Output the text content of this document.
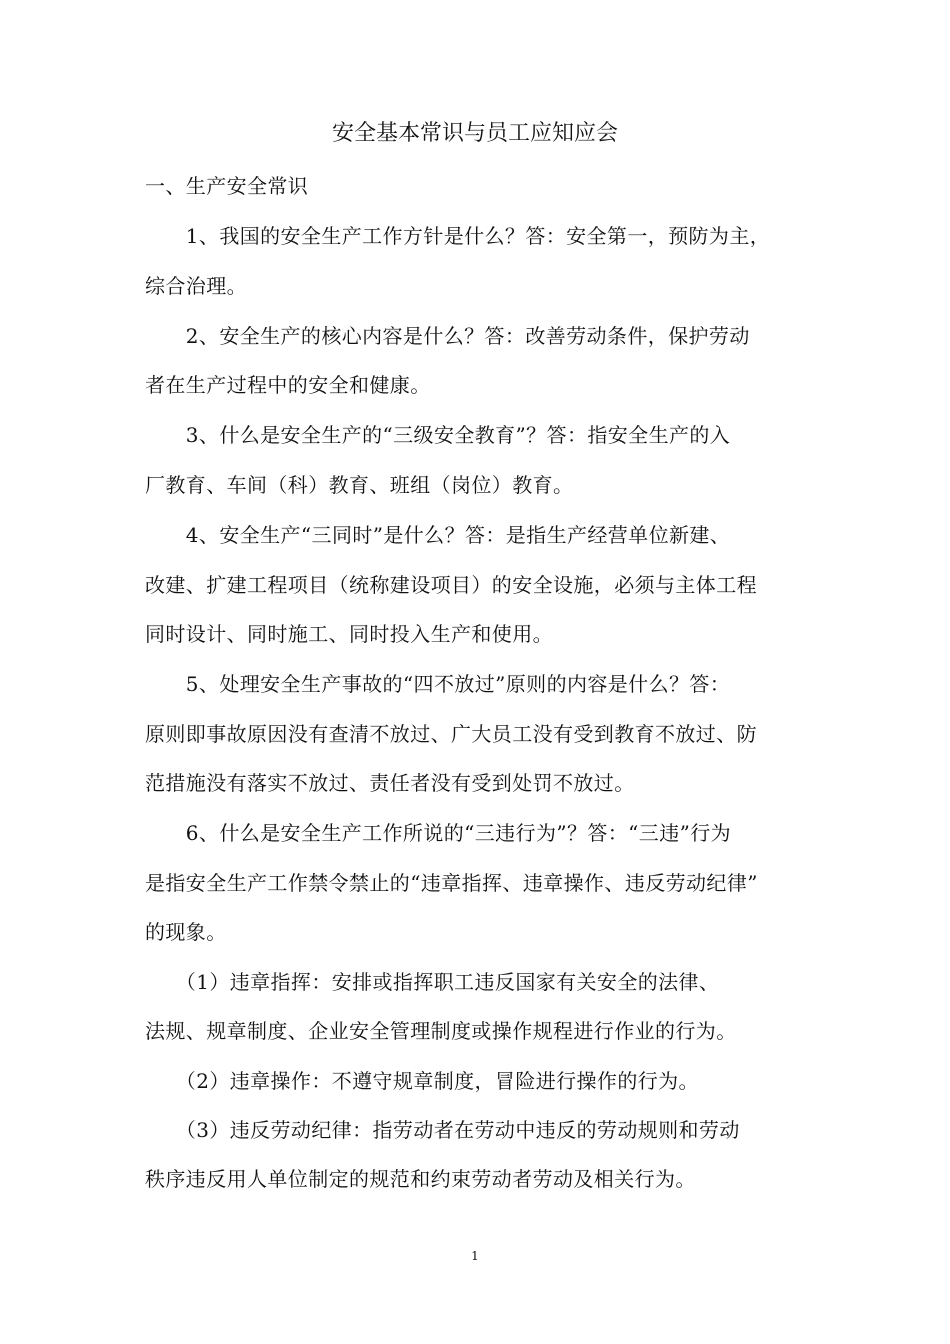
安全基本常识与员工应知应会
一、生产安全常识
　　1、我国的安全生产工作方针是什么？答：安全第一，预防为主，
综合治理。
　　2、安全生产的核心内容是什么？答：改善劳动条件，保护劳动
者在生产过程中的安全和健康。
　　3、什么是安全生产的“三级安全教育”？答：指安全生产的入
厂教育、车间（科）教育、班组（岗位）教育。
　　4、安全生产“三同时”是什么？答：是指生产经营单位新建、
改建、扩建工程项目（统称建设项目）的安全设施，必须与主体工程
同时设计、同时施工、同时投入生产和使用。
　　5、处理安全生产事故的“四不放过”原则的内容是什么？答：
原则即事故原因没有查清不放过、广大员工没有受到教育不放过、防
范措施没有落实不放过、责任者没有受到处罚不放过。
　　6、什么是安全生产工作所说的“三违行为”？答：“三违”行为
是指安全生产工作禁令禁止的“违章指挥、违章操作、违反劳动纪律”
的现象。
　　（1）违章指挥：安排或指挥职工违反国家有关安全的法律、
法规、规章制度、企业安全管理制度或操作规程进行作业的行为。
　　（2）违章操作：不遵守规章制度，冒险进行操作的行为。
　　（3）违反劳动纪律：指劳动者在劳动中违反的劳动规则和劳动
秩序违反用人单位制定的规范和约束劳动者劳动及相关行为。
1
